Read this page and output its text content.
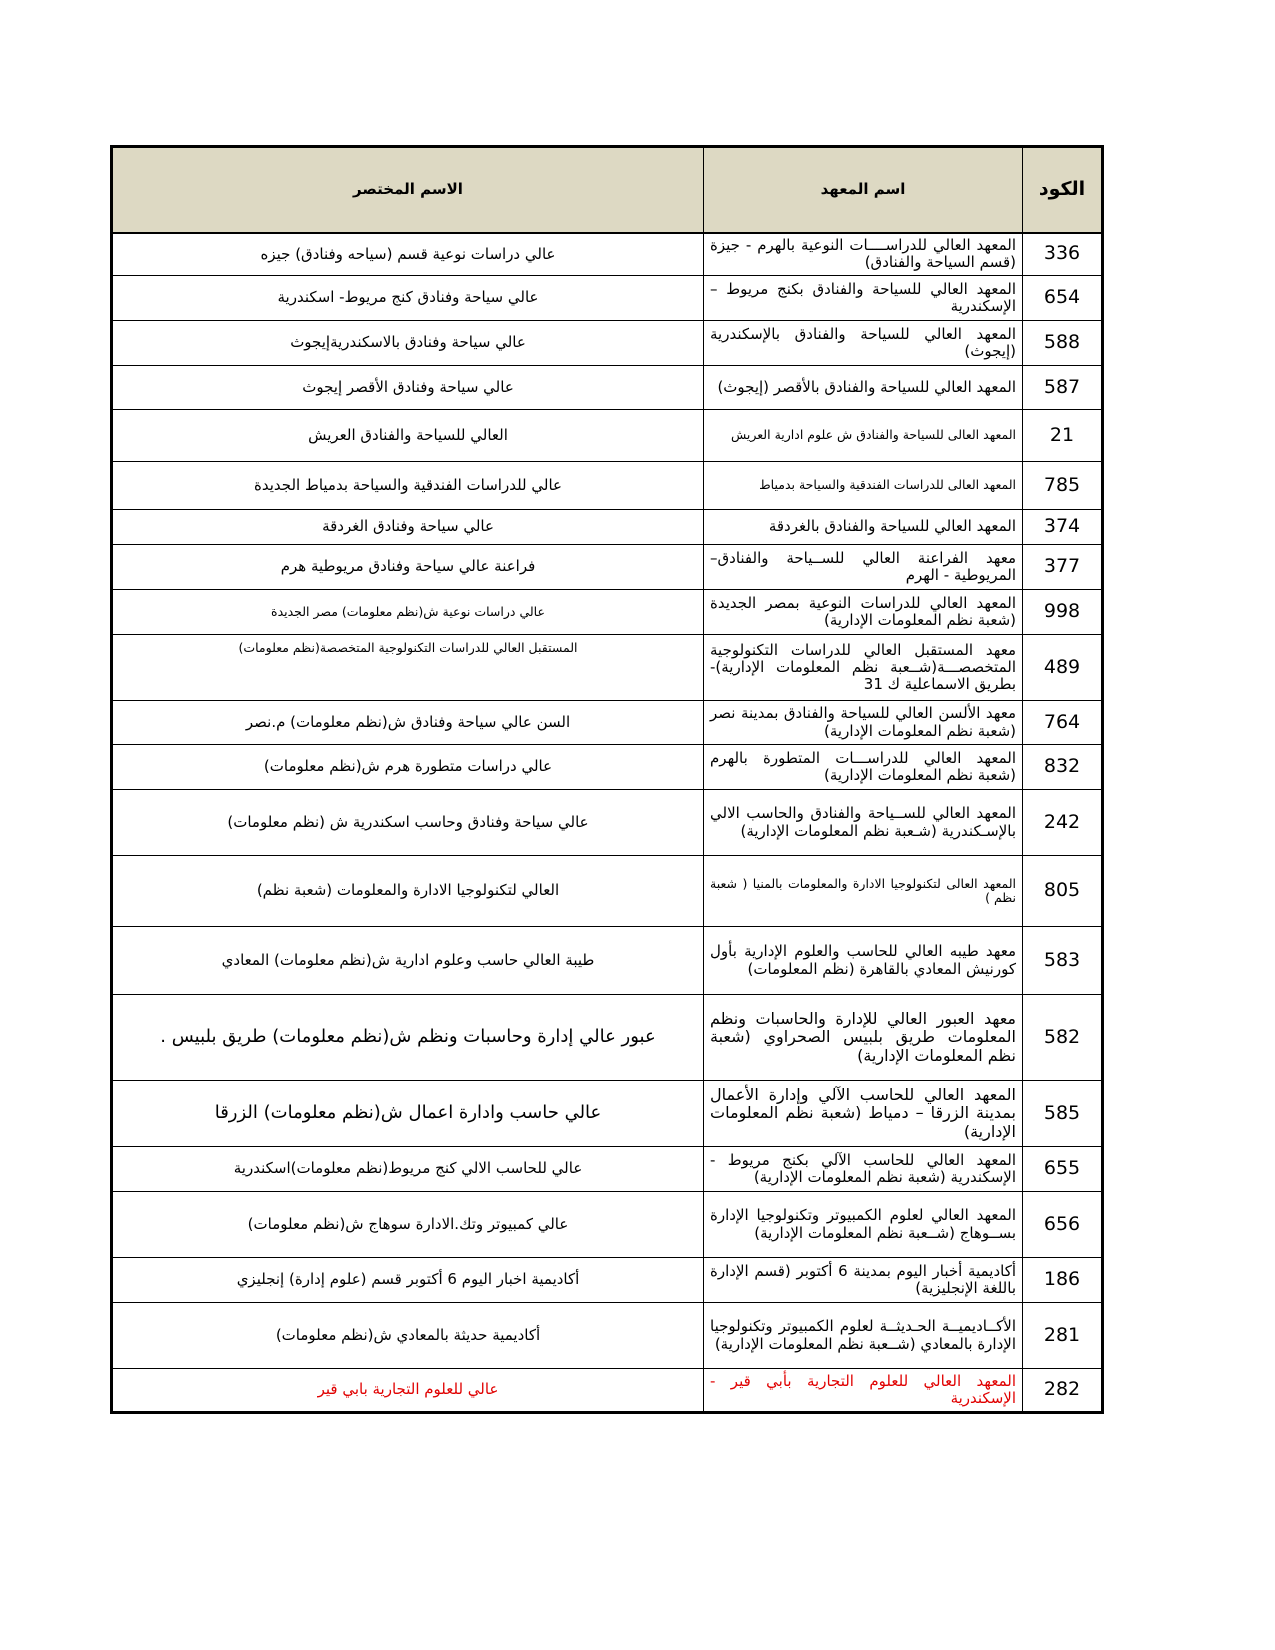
الكود	اسم المعهد	الاسم المختصر
336	المعهد العالي للدراســــات النوعية بالهرم - جيزة (قسم السياحة والفنادق)	عالي دراسات نوعية قسم (سياحه وفنادق) جيزه
654	المعهد العالي للسياحة والفنادق بكنج مريوط – الإسكندرية	عالي سياحة وفنادق كنج مريوط- اسكندرية
588	المعهد العالي للسياحة والفنادق بالإسكندرية (إيجوث)	عالي سياحة وفنادق بالاسكندريةإيجوث
587	المعهد العالي للسياحة والفنادق بالأقصر (إيجوث)	عالي سياحة وفنادق الأقصر إيجوث
21	المعهد العالى للسياحة والفنادق ش علوم ادارية العريش	العالي للسياحة والفنادق العريش
785	المعهد العالى للدراسات الفندقية والسياحة بدمياط	عالي للدراسات الفندقية والسياحة بدمياط الجديدة
374	المعهد العالي للسياحة والفنادق بالغردقة	عالي سياحة وفنادق الغردقة
377	معهد الفراعنة العالي للســياحة والفنادق– المريوطية - الهرم	فراعنة عالي سياحة وفنادق مريوطية هرم
998	المعهد العالي للدراسات النوعية بمصر الجديدة (شعبة نظم المعلومات الإدارية)	عالي دراسات نوعية ش(نظم معلومات) مصر الجديدة
489	معهد المستقبل العالي للدراسات التكنولوجية المتخصصـــة(شــعبة نظم المعلومات الإدارية)-بطريق الاسماعلية ك 31	المستقبل العالي للدراسات التكنولوجية المتخصصة(نظم معلومات)
764	معهد الألسن العالي للسياحة والفنادق بمدينة نصر (شعبة نظم المعلومات الإدارية)	السن عالي سياحة وفنادق ش(نظم معلومات) م.نصر
832	المعهد العالي للدراســـات المتطورة بالهرم (شعبة نظم المعلومات الإدارية)	عالي دراسات متطورة هرم ش(نظم معلومات)
242	المعهد العالي للســياحة والفنادق والحاسب الالي بالإسـكندرية (شـعبة نظم المعلومات الإدارية)	عالي سياحة وفنادق وحاسب اسكندرية ش (نظم معلومات)
805	المعهد العالى لتكنولوجيا الادارة والمعلومات بالمنيا ( شعبة نظم )	العالي لتكنولوجيا الادارة والمعلومات (شعبة نظم)
583	معهد طيبه العالي للحاسب والعلوم الإدارية بأول كورنيش المعادي بالقاهرة (نظم المعلومات)	طيبة العالي حاسب وعلوم ادارية ش(نظم معلومات) المعادي
582	معهد العبور العالي للإدارة والحاسبات ونظم المعلومات طريق بلبيس الصحراوي (شعبة نظم المعلومات الإدارية)	عبور عالي إدارة وحاسبات ونظم ش(نظم معلومات) طريق بلبيس .
585	المعهد العالي للحاسب الآلي وإدارة الأعمال بمدينة الزرقا – دمياط (شعبة نظم المعلومات الإدارية)	عالي حاسب وادارة اعمال ش(نظم معلومات) الزرقا
655	المعهد العالي للحاسب الآلي بكنج مريوط - الإسكندرية (شعبة نظم المعلومات الإدارية)	عالي للحاسب الالي كنج مريوط(نظم معلومات)اسكندرية
656	المعهد العالي لعلوم الكمبيوتر وتكنولوجيا الإدارة بســوهاج (شــعبة نظم المعلومات الإدارية)	عالي كمبيوتر وتك.الادارة سوهاج ش(نظم معلومات)
186	أكاديمية أخبار اليوم بمدينة 6 أكتوبر (قسم الإدارة باللغة الإنجليزية)	أكاديمية اخبار اليوم 6 أكتوبر قسم (علوم إدارة) إنجليزي
281	الأكــاديميــة الحـديثــة لعلوم الكمبيوتر وتكنولوجيا الإدارة بالمعادي (شــعبة نظم المعلومات الإدارية)	أكاديمية حديثة بالمعادي ش(نظم معلومات)
282	المعهد العالي للعلوم التجارية بأبي قير - الإسكندرية	عالي للعلوم التجارية بابي قير
